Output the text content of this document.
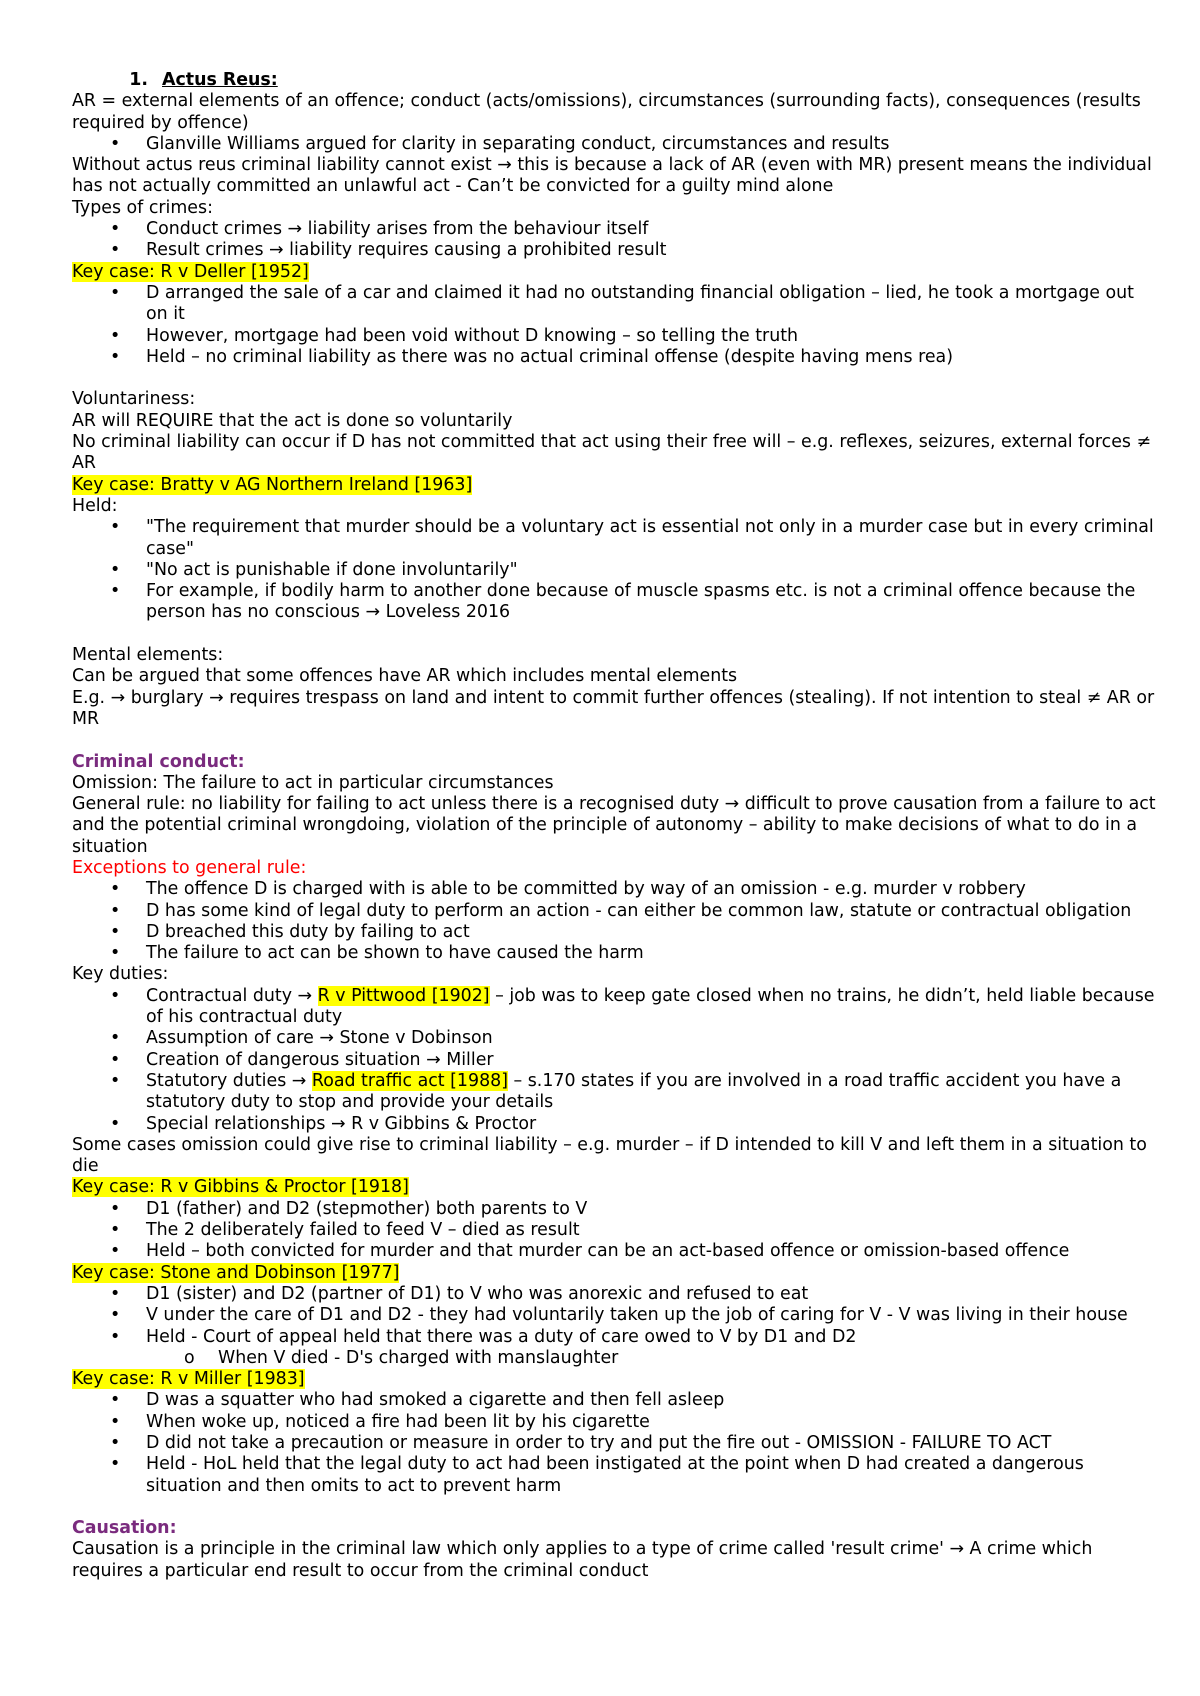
1. Actus Reus:
AR = external elements of an offence; conduct (acts/omissions), circumstances (surrounding facts), consequences (results required by offence)
• Glanville Williams argued for clarity in separating conduct, circumstances and results
Without actus reus criminal liability cannot exist → this is because a lack of AR (even with MR) present means the individual has not actually committed an unlawful act - Can’t be convicted for a guilty mind alone
Types of crimes:
• Conduct crimes → liability arises from the behaviour itself
• Result crimes → liability requires causing a prohibited result
Key case: R v Deller [1952]
• D arranged the sale of a car and claimed it had no outstanding financial obligation – lied, he took a mortgage out on it
• However, mortgage had been void without D knowing – so telling the truth
• Held – no criminal liability as there was no actual criminal offense (despite having mens rea)
Voluntariness:
AR will REQUIRE that the act is done so voluntarily
No criminal liability can occur if D has not committed that act using their free will – e.g. reflexes, seizures, external forces ≠ AR
Key case: Bratty v AG Northern Ireland [1963]
Held:
• "The requirement that murder should be a voluntary act is essential not only in a murder case but in every criminal case"
• "No act is punishable if done involuntarily"
• For example, if bodily harm to another done because of muscle spasms etc. is not a criminal offence because the person has no conscious → Loveless 2016
Mental elements:
Can be argued that some offences have AR which includes mental elements
E.g. → burglary → requires trespass on land and intent to commit further offences (stealing). If not intention to steal ≠ AR or MR
Criminal conduct:
Omission: The failure to act in particular circumstances
General rule: no liability for failing to act unless there is a recognised duty → difficult to prove causation from a failure to act and the potential criminal wrongdoing, violation of the principle of autonomy – ability to make decisions of what to do in a situation
Exceptions to general rule:
• The offence D is charged with is able to be committed by way of an omission - e.g. murder v robbery
• D has some kind of legal duty to perform an action - can either be common law, statute or contractual obligation
• D breached this duty by failing to act
• The failure to act can be shown to have caused the harm
Key duties:
• Contractual duty → R v Pittwood [1902] – job was to keep gate closed when no trains, he didn’t, held liable because of his contractual duty
• Assumption of care → Stone v Dobinson
• Creation of dangerous situation → Miller
• Statutory duties → Road traffic act [1988] – s.170 states if you are involved in a road traffic accident you have a statutory duty to stop and provide your details
• Special relationships → R v Gibbins & Proctor
Some cases omission could give rise to criminal liability – e.g. murder – if D intended to kill V and left them in a situation to die
Key case: R v Gibbins & Proctor [1918]
• D1 (father) and D2 (stepmother) both parents to V
• The 2 deliberately failed to feed V – died as result
• Held – both convicted for murder and that murder can be an act-based offence or omission-based offence
Key case: Stone and Dobinson [1977]
• D1 (sister) and D2 (partner of D1) to V who was anorexic and refused to eat
• V under the care of D1 and D2 - they had voluntarily taken up the job of caring for V - V was living in their house
• Held - Court of appeal held that there was a duty of care owed to V by D1 and D2
o When V died - D's charged with manslaughter
Key case: R v Miller [1983]
• D was a squatter who had smoked a cigarette and then fell asleep
• When woke up, noticed a fire had been lit by his cigarette
• D did not take a precaution or measure in order to try and put the fire out - OMISSION - FAILURE TO ACT
• Held - HoL held that the legal duty to act had been instigated at the point when D had created a dangerous situation and then omits to act to prevent harm
Causation:
Causation is a principle in the criminal law which only applies to a type of crime called 'result crime' → A crime which requires a particular end result to occur from the criminal conduct
